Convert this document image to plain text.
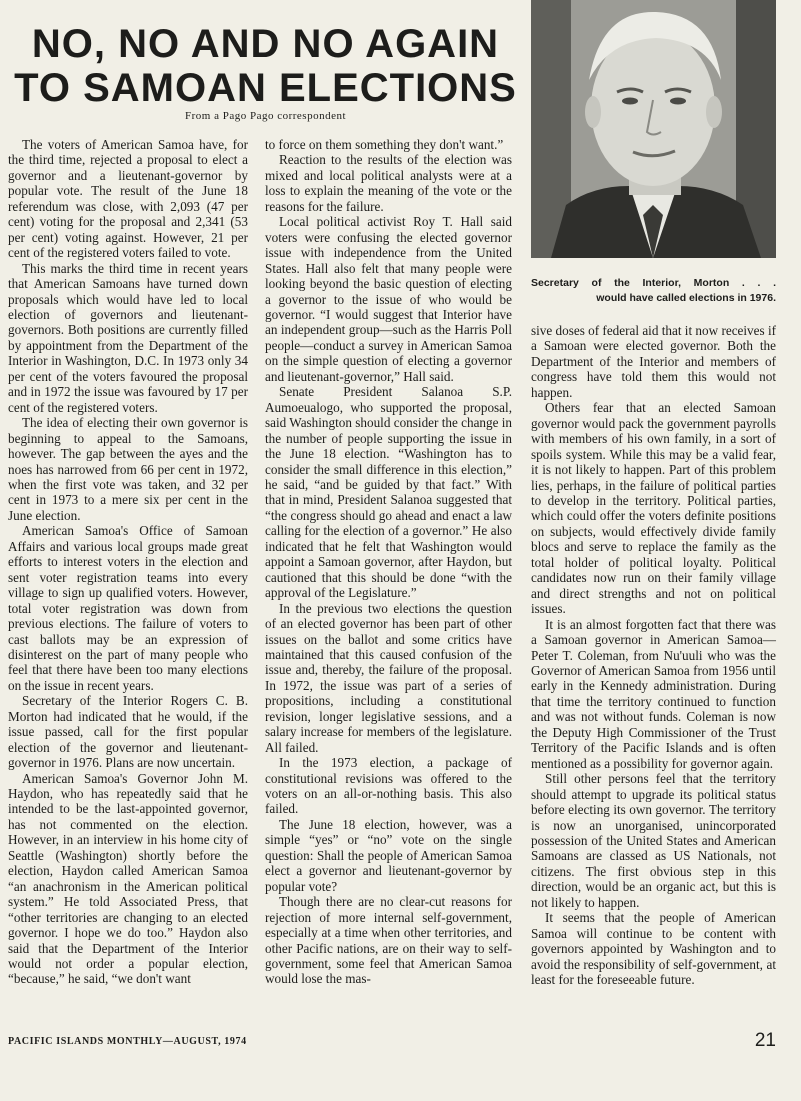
NO, NO AND NO AGAIN
TO SAMOAN ELECTIONS

From a Pago Pago correspondent

Secretary of the Interior, Morton . . .

would have called elections in 1976.

The voters of American Samoa have, for the third time, rejected a proposal to elect a governor and a lieutenant-governor by popular vote. The result of the June 18 referendum was close, with 2,093 (47 per cent) voting for the proposal and 2,341 (53 per cent) voting against. However, 21 per cent of the registered voters failed to vote.

This marks the third time in recent years that American Samoans have turned down proposals which would have led to local election of governors and lieutenant-governors. Both positions are currently filled by appointment from the Department of the Interior in Washington, D.C. In 1973 only 34 per cent of the voters favoured the proposal and in 1972 the issue was favoured by 17 per cent of the registered voters.

The idea of electing their own governor is beginning to appeal to the Samoans, however. The gap between the ayes and the noes has narrowed from 66 per cent in 1972, when the first vote was taken, and 32 per cent in 1973 to a mere six per cent in the June election.

American Samoa's Office of Samoan Affairs and various local groups made great efforts to interest voters in the election and sent voter registration teams into every village to sign up qualified voters. However, total voter registration was down from previous elections. The failure of voters to cast ballots may be an expression of disinterest on the part of many people who feel that there have been too many elections on the issue in recent years.

Secretary of the Interior Rogers C. B. Morton had indicated that he would, if the issue passed, call for the first popular election of the governor and lieutenant-governor in 1976. Plans are now uncertain.

American Samoa's Governor John M. Haydon, who has repeatedly said that he intended to be the last-appointed governor, has not commented on the election. However, in an interview in his home city of Seattle (Washington) shortly before the election, Haydon called American Samoa “an anachronism in the American political system.” He told Associated Press, that “other territories are changing to an elected governor. I hope we do too.” Haydon also said that the Department of the Interior would not order a popular election, “because,” he said, “we don't want

to force on them something they don't want.”

Reaction to the results of the election was mixed and local political analysts were at a loss to explain the meaning of the vote or the reasons for the failure.

Local political activist Roy T. Hall said voters were confusing the elected governor issue with independence from the United States. Hall also felt that many people were looking beyond the basic question of electing a governor to the issue of who would be governor. “I would suggest that Interior have an independent group—such as the Harris Poll people—conduct a survey in American Samoa on the simple question of electing a governor and lieutenant-governor,” Hall said.

Senate President Salanoa S.P. Aumoeualogo, who supported the proposal, said Washington should consider the change in the number of people supporting the issue in the June 18 election. “Washington has to consider the small difference in this election,” he said, “and be guided by that fact.” With that in mind, President Salanoa suggested that “the congress should go ahead and enact a law calling for the election of a governor.” He also indicated that he felt that Washington would appoint a Samoan governor, after Haydon, but cautioned that this should be done “with the approval of the Legislature.”

In the previous two elections the question of an elected governor has been part of other issues on the ballot and some critics have maintained that this caused confusion of the issue and, thereby, the failure of the proposal. In 1972, the issue was part of a series of propositions, including a constitutional revision, longer legislative sessions, and a salary increase for members of the legislature. All failed.

In the 1973 election, a package of constitutional revisions was offered to the voters on an all-or-nothing basis. This also failed.

The June 18 election, however, was a simple “yes” or “no” vote on the single question: Shall the people of American Samoa elect a governor and lieutenant-governor by popular vote?

Though there are no clear-cut reasons for rejection of more internal self-government, especially at a time when other territories, and other Pacific nations, are on their way to self-government, some feel that American Samoa would lose the mas-

sive doses of federal aid that it now receives if a Samoan were elected governor. Both the Department of the Interior and members of congress have told them this would not happen.

Others fear that an elected Samoan governor would pack the government payrolls with members of his own family, in a sort of spoils system. While this may be a valid fear, it is not likely to happen. Part of this problem lies, perhaps, in the failure of political parties to develop in the territory. Political parties, which could offer the voters definite positions on subjects, would effectively divide family blocs and serve to replace the family as the total holder of political loyalty. Political candidates now run on their family village and direct strengths and not on political issues.

It is an almost forgotten fact that there was a Samoan governor in American Samoa—Peter T. Coleman, from Nu'uuli who was the Governor of American Samoa from 1956 until early in the Kennedy administration. During that time the territory continued to function and was not without funds. Coleman is now the Deputy High Commissioner of the Trust Territory of the Pacific Islands and is often mentioned as a possibility for governor again.

Still other persons feel that the territory should attempt to upgrade its political status before electing its own governor. The territory is now an unorganised, unincorporated possession of the United States and American Samoans are classed as US Nationals, not citizens. The first obvious step in this direction, would be an organic act, but this is not likely to happen.

It seems that the people of American Samoa will continue to be content with governors appointed by Washington and to avoid the responsibility of self-government, at least for the foreseeable future.

PACIFIC ISLANDS MONTHLY—AUGUST, 1974	21
